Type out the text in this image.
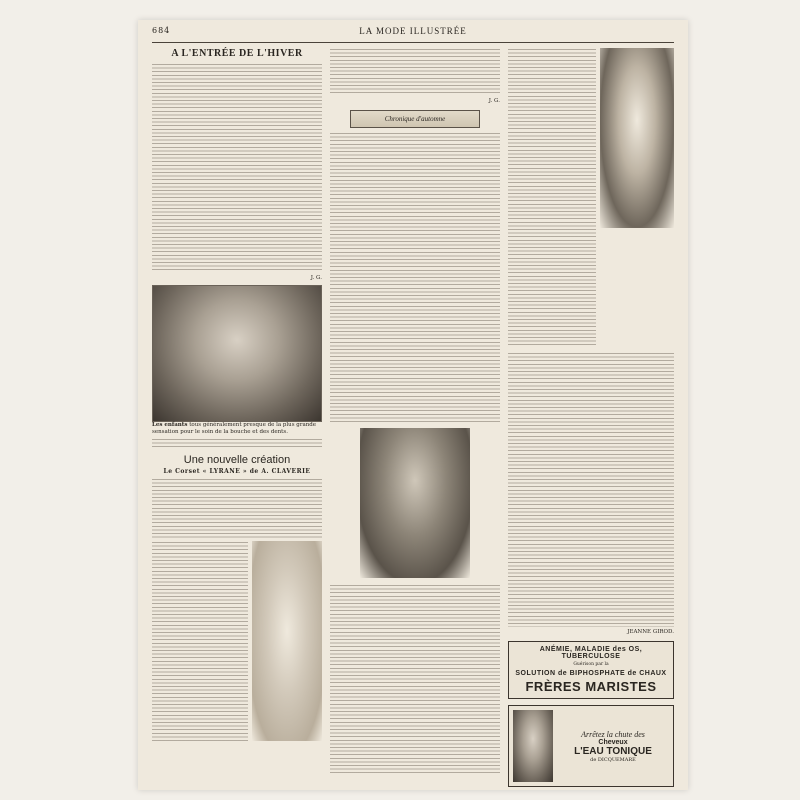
684	LA MODE ILLUSTRÉE
A L'ENTRÉE DE L'HIVER
J. G.
Les enfants tous généralement presque de la plus grande sensation pour le soin de la bouche et des dents.
Une nouvelle création
Le Corset « LYRANE » de A. CLAVERIE
J. G.
Chronique d'automne
JEANNE GIROD.
ANÉMIE, MALADIE des OS, TUBERCULOSE
Guérison par la
SOLUTION de BIPHOSPHATE de CHAUX
FRÈRES MARISTES
Arrêtez la chute des
Cheveux
L'EAU TONIQUE
de DICQUEMARE
